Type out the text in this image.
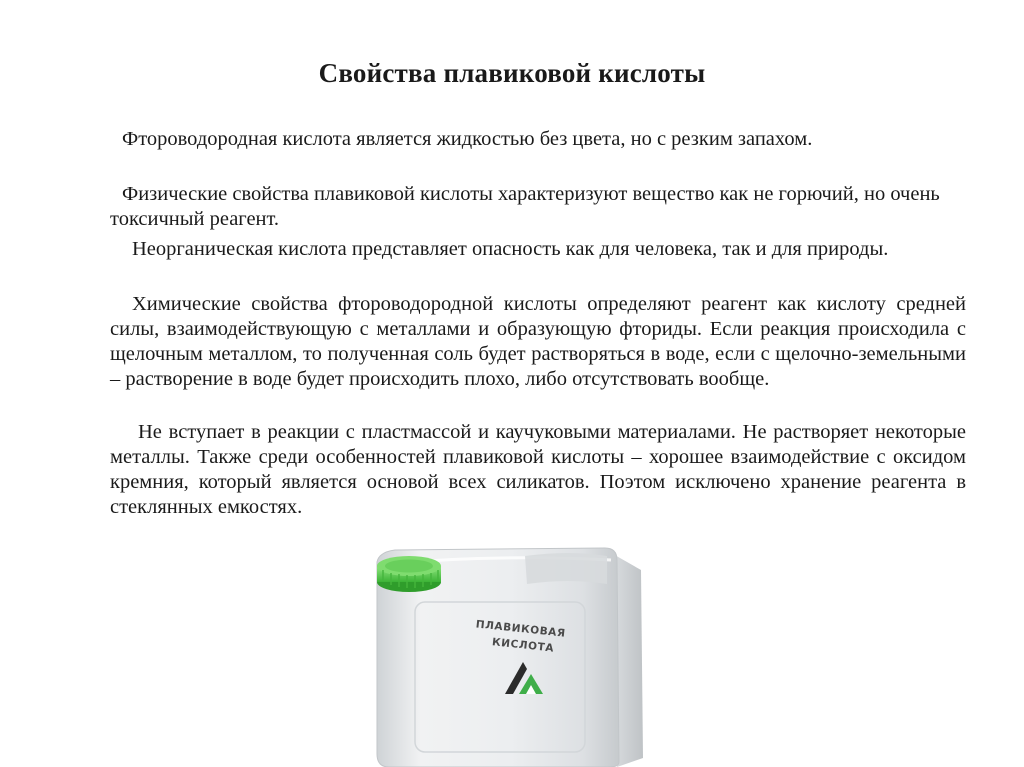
Свойства плавиковой кислоты

Фтороводородная кислота является жидкостью без цвета, но с резким запахом.

Физические свойства плавиковой кислоты характеризуют вещество как не горючий, но очень токсичный реагент.

Неорганическая кислота представляет опасность как для человека, так и для природы.

Химические свойства фтороводородной кислоты определяют реагент как кислоту средней силы, взаимодействующую с металлами и образующую фториды. Если реакция происходила с щелочным металлом, то полученная соль будет растворяться в воде, если с щелочно-земельными – растворение в воде будет происходить плохо, либо отсутствовать вообще.

Не вступает в реакции с пластмассой и каучуковыми материалами. Не растворяет некоторые металлы. Также среди особенностей плавиковой кислоты – хорошее взаимодействие с оксидом кремния, который является основой всех силикатов. Поэтом исключено хранение реагента в стеклянных емкостях.

ПЛАВИКОВАЯ
КИСЛОТА
